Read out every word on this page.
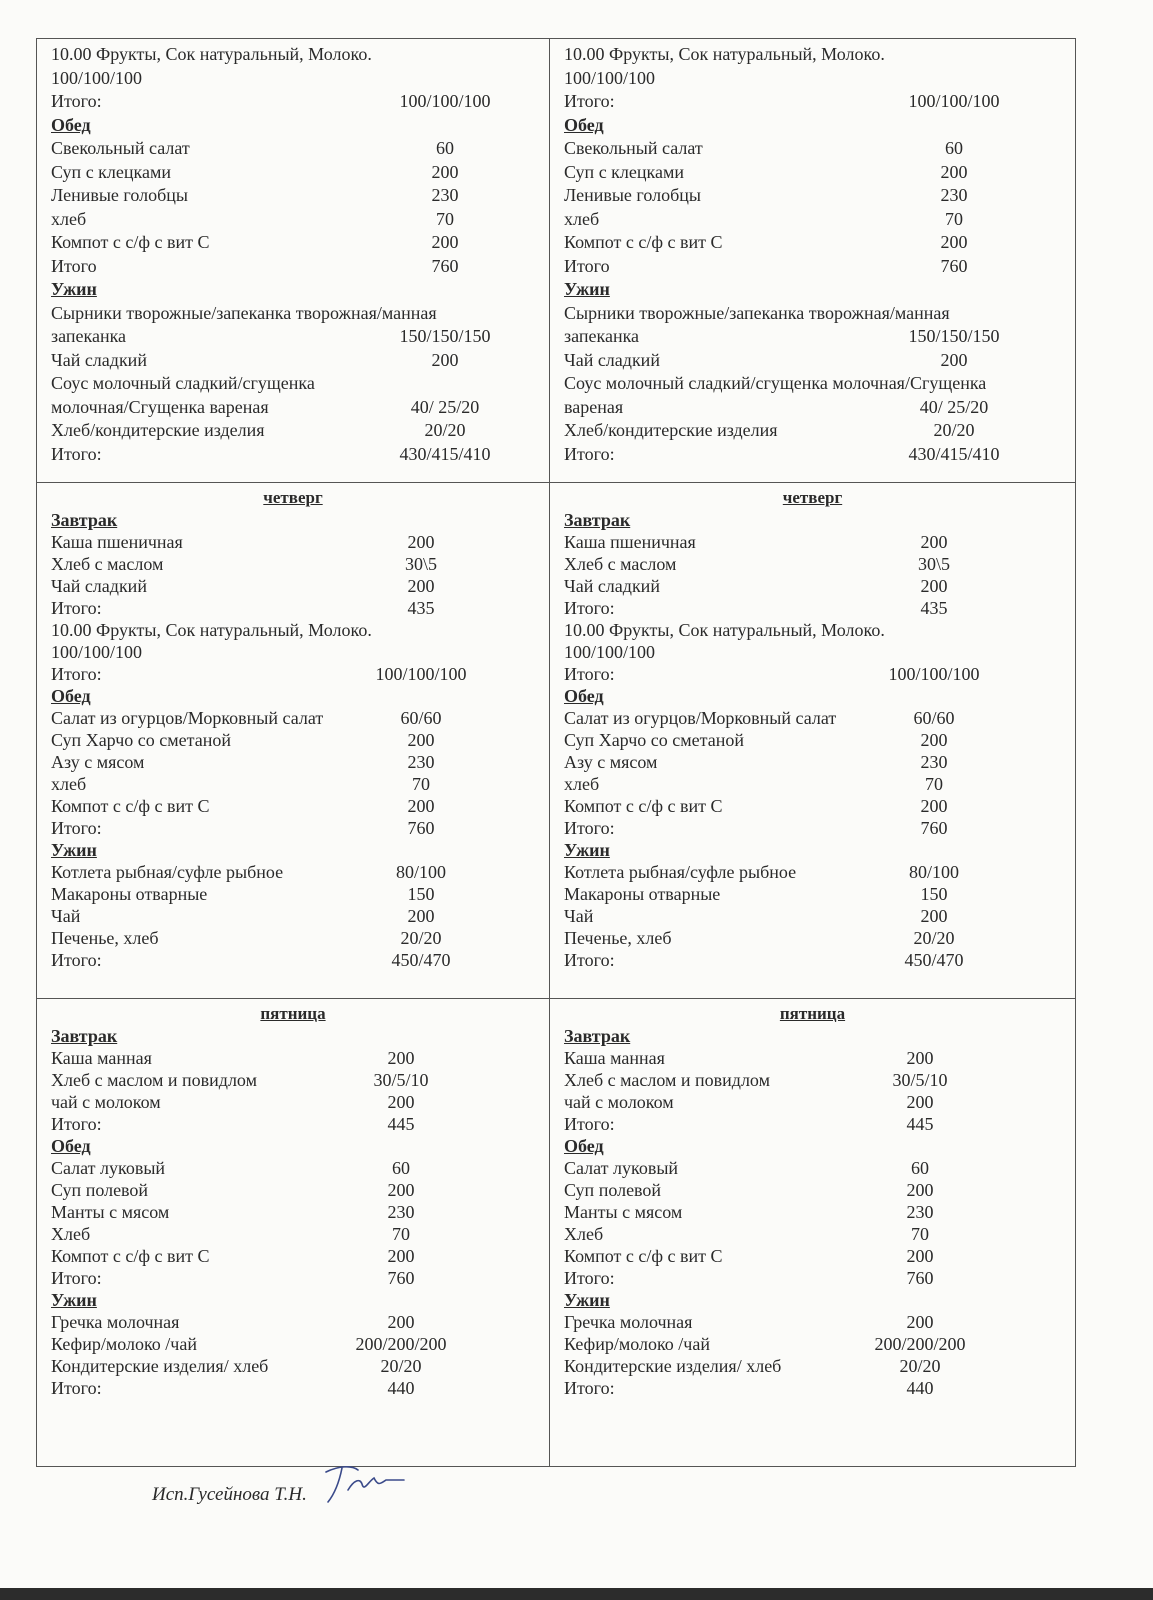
10.00 Фрукты, Сок натуральный, Молоко.
100/100/100
Итого:	100/100/100
Обед
Свекольный салат	60
Суп с клецками	200
Ленивые голобцы	230
хлеб	70
Компот с с/ф с вит С	200
Итого	760
Ужин
Сырники творожные/запеканка творожная/манная
запеканка	150/150/150
Чай сладкий	200
Соус молочный сладкий/сгущенка
молочная/Сгущенка вареная	40/ 25/20
Хлеб/кондитерские изделия	20/20
Итого:	430/415/410
10.00 Фрукты, Сок натуральный, Молоко.
100/100/100
Итого:	100/100/100
Обед
Свекольный салат	60
Суп с клецками	200
Ленивые голобцы	230
хлеб	70
Компот с с/ф с вит С	200
Итого	760
Ужин
Сырники творожные/запеканка творожная/манная
запеканка	150/150/150
Чай сладкий	200
Соус молочный сладкий/сгущенка молочная/Сгущенка
вареная	40/ 25/20
Хлеб/кондитерские изделия	20/20
Итого:	430/415/410
четверг
Завтрак
Каша пшеничная	200
Хлеб с маслом	30\5
Чай сладкий	200
Итого:	435
10.00 Фрукты, Сок натуральный, Молоко.
100/100/100
Итого:	100/100/100
Обед
Салат из огурцов/Морковный салат	60/60
Суп Харчо со сметаной	200
Азу с мясом	230
хлеб	70
Компот с с/ф с вит С	200
Итого:	760
Ужин
Котлета рыбная/суфле рыбное	80/100
Макароны отварные	150
Чай	200
Печенье, хлеб	20/20
Итого:	450/470
четверг
Завтрак
Каша пшеничная	200
Хлеб с маслом	30\5
Чай сладкий	200
Итого:	435
10.00 Фрукты, Сок натуральный, Молоко.
100/100/100
Итого:	100/100/100
Обед
Салат из огурцов/Морковный салат	60/60
Суп Харчо со сметаной	200
Азу с мясом	230
хлеб	70
Компот с с/ф с вит С	200
Итого:	760
Ужин
Котлета рыбная/суфле рыбное	80/100
Макароны отварные	150
Чай	200
Печенье, хлеб	20/20
Итого:	450/470
пятница
Завтрак
Каша манная	200
Хлеб с маслом и повидлом	30/5/10
чай с молоком	200
Итого:	445
Обед
Салат луковый	60
Суп полевой	200
Манты с мясом	230
Хлеб	70
Компот с с/ф с вит С	200
Итого:	760
Ужин
Гречка молочная	200
Кефир/молоко /чай	200/200/200
Кондитерские изделия/ хлеб	20/20
Итого:	440
пятница
Завтрак
Каша манная	200
Хлеб с маслом и повидлом	30/5/10
чай с молоком	200
Итого:	445
Обед
Салат луковый	60
Суп полевой	200
Манты с мясом	230
Хлеб	70
Компот с с/ф с вит С	200
Итого:	760
Ужин
Гречка молочная	200
Кефир/молоко /чай	200/200/200
Кондитерские изделия/ хлеб	20/20
Итого:	440
Исп.Гусейнова Т.Н.
